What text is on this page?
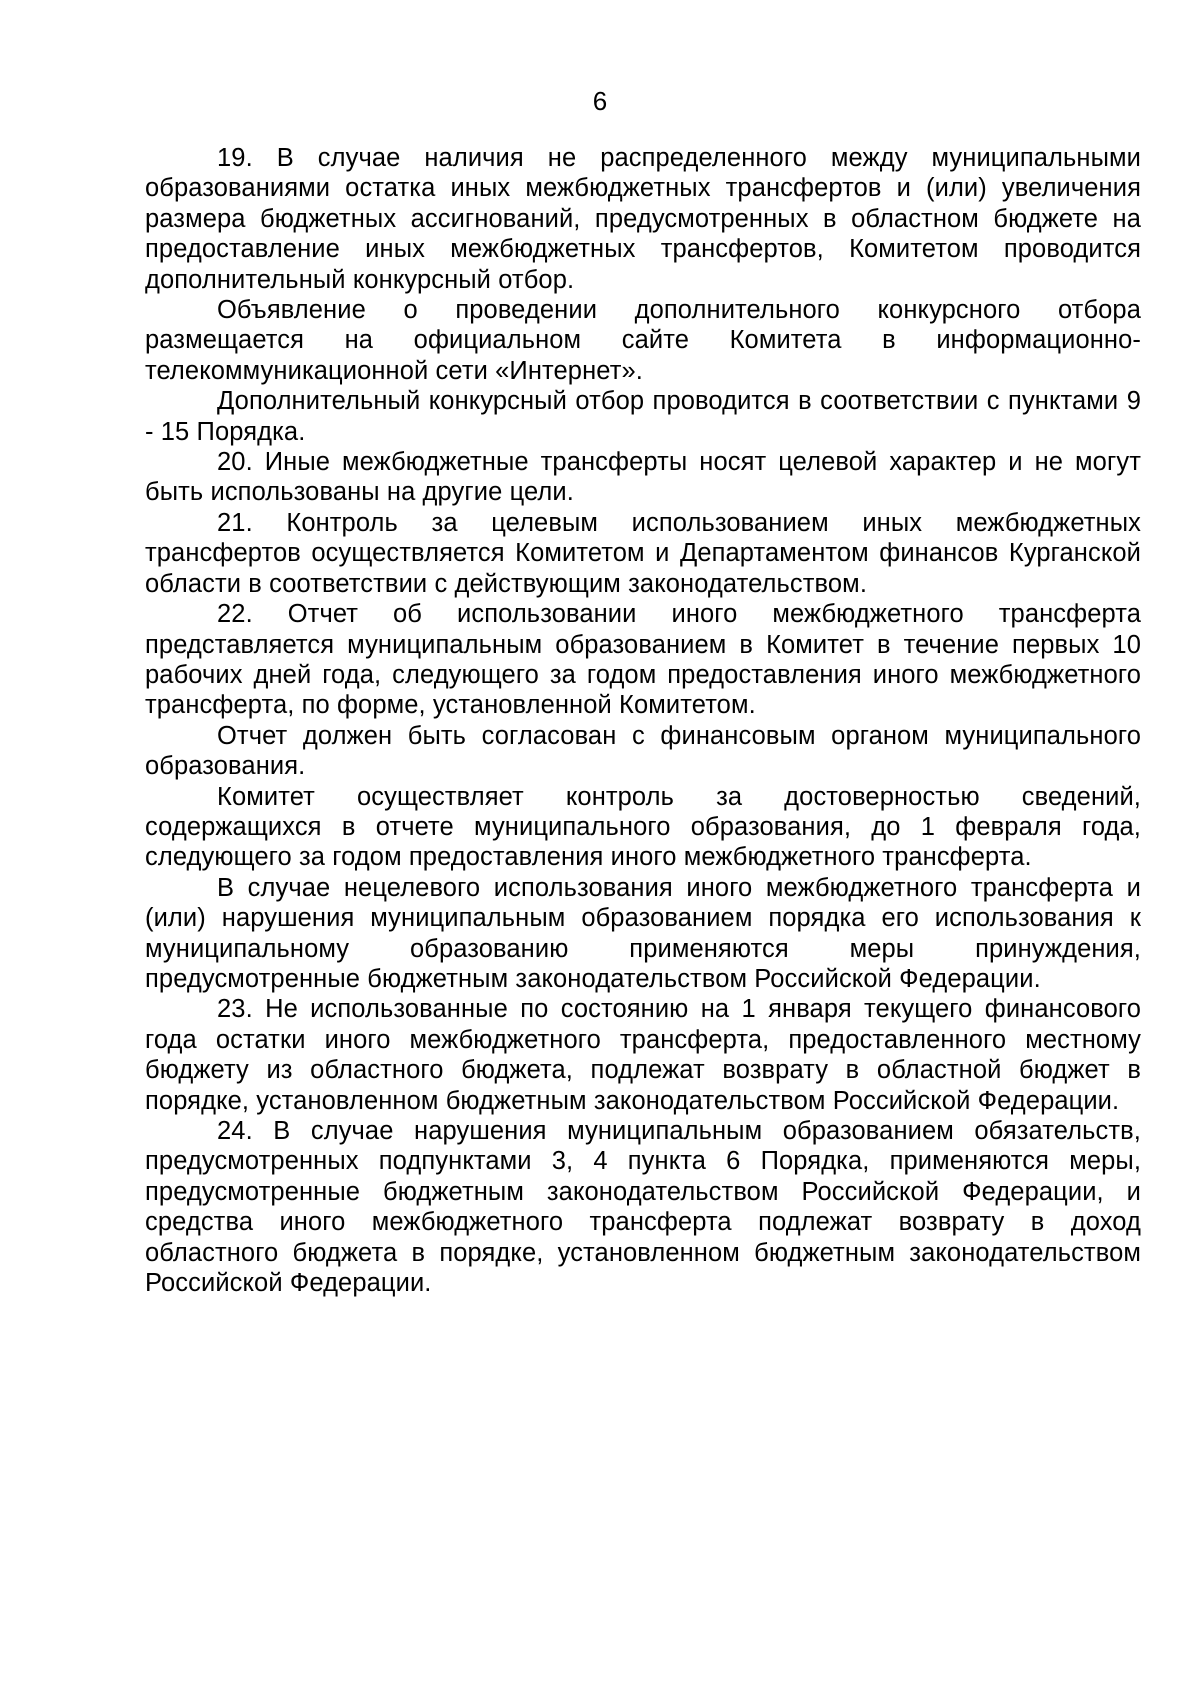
6

19. В случае наличия не распределенного между муниципальными образованиями остатка иных межбюджетных трансфертов и (или) увеличения размера бюджетных ассигнований, предусмотренных в областном бюджете на предоставление иных межбюджетных трансфертов, Комитетом проводится дополнительный конкурсный отбор.

Объявление о проведении дополнительного конкурсного отбора размещается на официальном сайте Комитета в информационно-телекоммуникационной сети «Интернет».

Дополнительный конкурсный отбор проводится в соответствии с пунктами 9 - 15 Порядка.

20. Иные межбюджетные трансферты носят целевой характер и не могут быть использованы на другие цели.

21. Контроль за целевым использованием иных межбюджетных трансфертов осуществляется Комитетом и Департаментом финансов Курганской области в соответствии с действующим законодательством.

22. Отчет об использовании иного межбюджетного трансферта представляется муниципальным образованием в Комитет в течение первых 10 рабочих дней года, следующего за годом предоставления иного межбюджетного трансферта, по форме, установленной Комитетом.

Отчет должен быть согласован с финансовым органом муниципального образования.

Комитет осуществляет контроль за достоверностью сведений, содержащихся в отчете муниципального образования, до 1 февраля года, следующего за годом предоставления иного межбюджетного трансферта.

В случае нецелевого использования иного межбюджетного трансферта и (или) нарушения муниципальным образованием порядка его использования к муниципальному образованию применяются меры принуждения, предусмотренные бюджетным законодательством Российской Федерации.

23. Не использованные по состоянию на 1 января текущего финансового года остатки иного межбюджетного трансферта, предоставленного местному бюджету из областного бюджета, подлежат возврату в областной бюджет в порядке, установленном бюджетным законодательством Российской Федерации.

24. В случае нарушения муниципальным образованием обязательств, предусмотренных подпунктами 3, 4 пункта 6 Порядка, применяются меры, предусмотренные бюджетным законодательством Российской Федерации, и средства иного межбюджетного трансферта подлежат возврату в доход областного бюджета в порядке, установленном бюджетным законодательством Российской Федерации.
